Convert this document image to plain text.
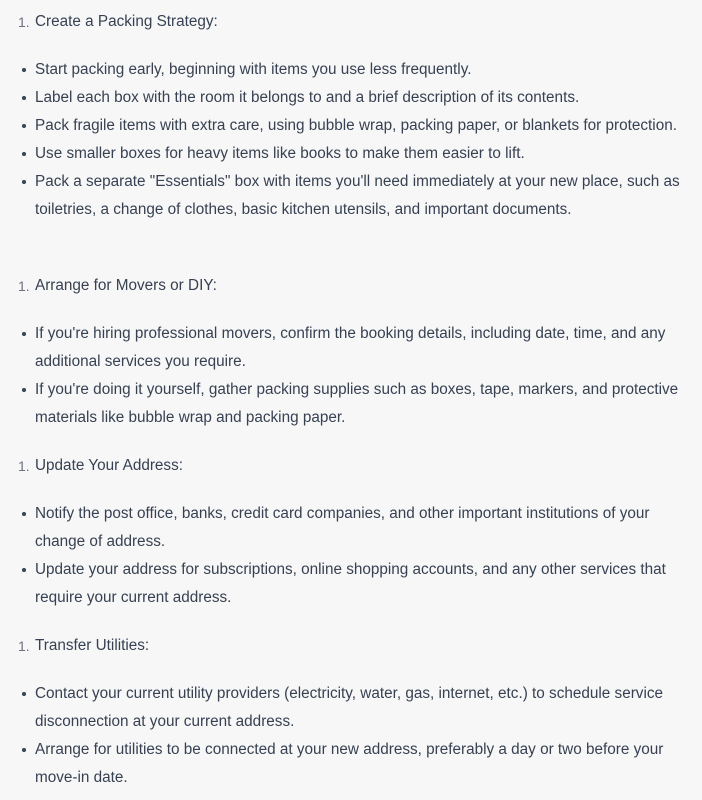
1. Create a Packing Strategy:
Start packing early, beginning with items you use less frequently.
Label each box with the room it belongs to and a brief description of its contents.
Pack fragile items with extra care, using bubble wrap, packing paper, or blankets for protection.
Use smaller boxes for heavy items like books to make them easier to lift.
Pack a separate "Essentials" box with items you'll need immediately at your new place, such as toiletries, a change of clothes, basic kitchen utensils, and important documents.
1. Arrange for Movers or DIY:
If you're hiring professional movers, confirm the booking details, including date, time, and any additional services you require.
If you're doing it yourself, gather packing supplies such as boxes, tape, markers, and protective materials like bubble wrap and packing paper.
1. Update Your Address:
Notify the post office, banks, credit card companies, and other important institutions of your change of address.
Update your address for subscriptions, online shopping accounts, and any other services that require your current address.
1. Transfer Utilities:
Contact your current utility providers (electricity, water, gas, internet, etc.) to schedule service disconnection at your current address.
Arrange for utilities to be connected at your new address, preferably a day or two before your move-in date.
